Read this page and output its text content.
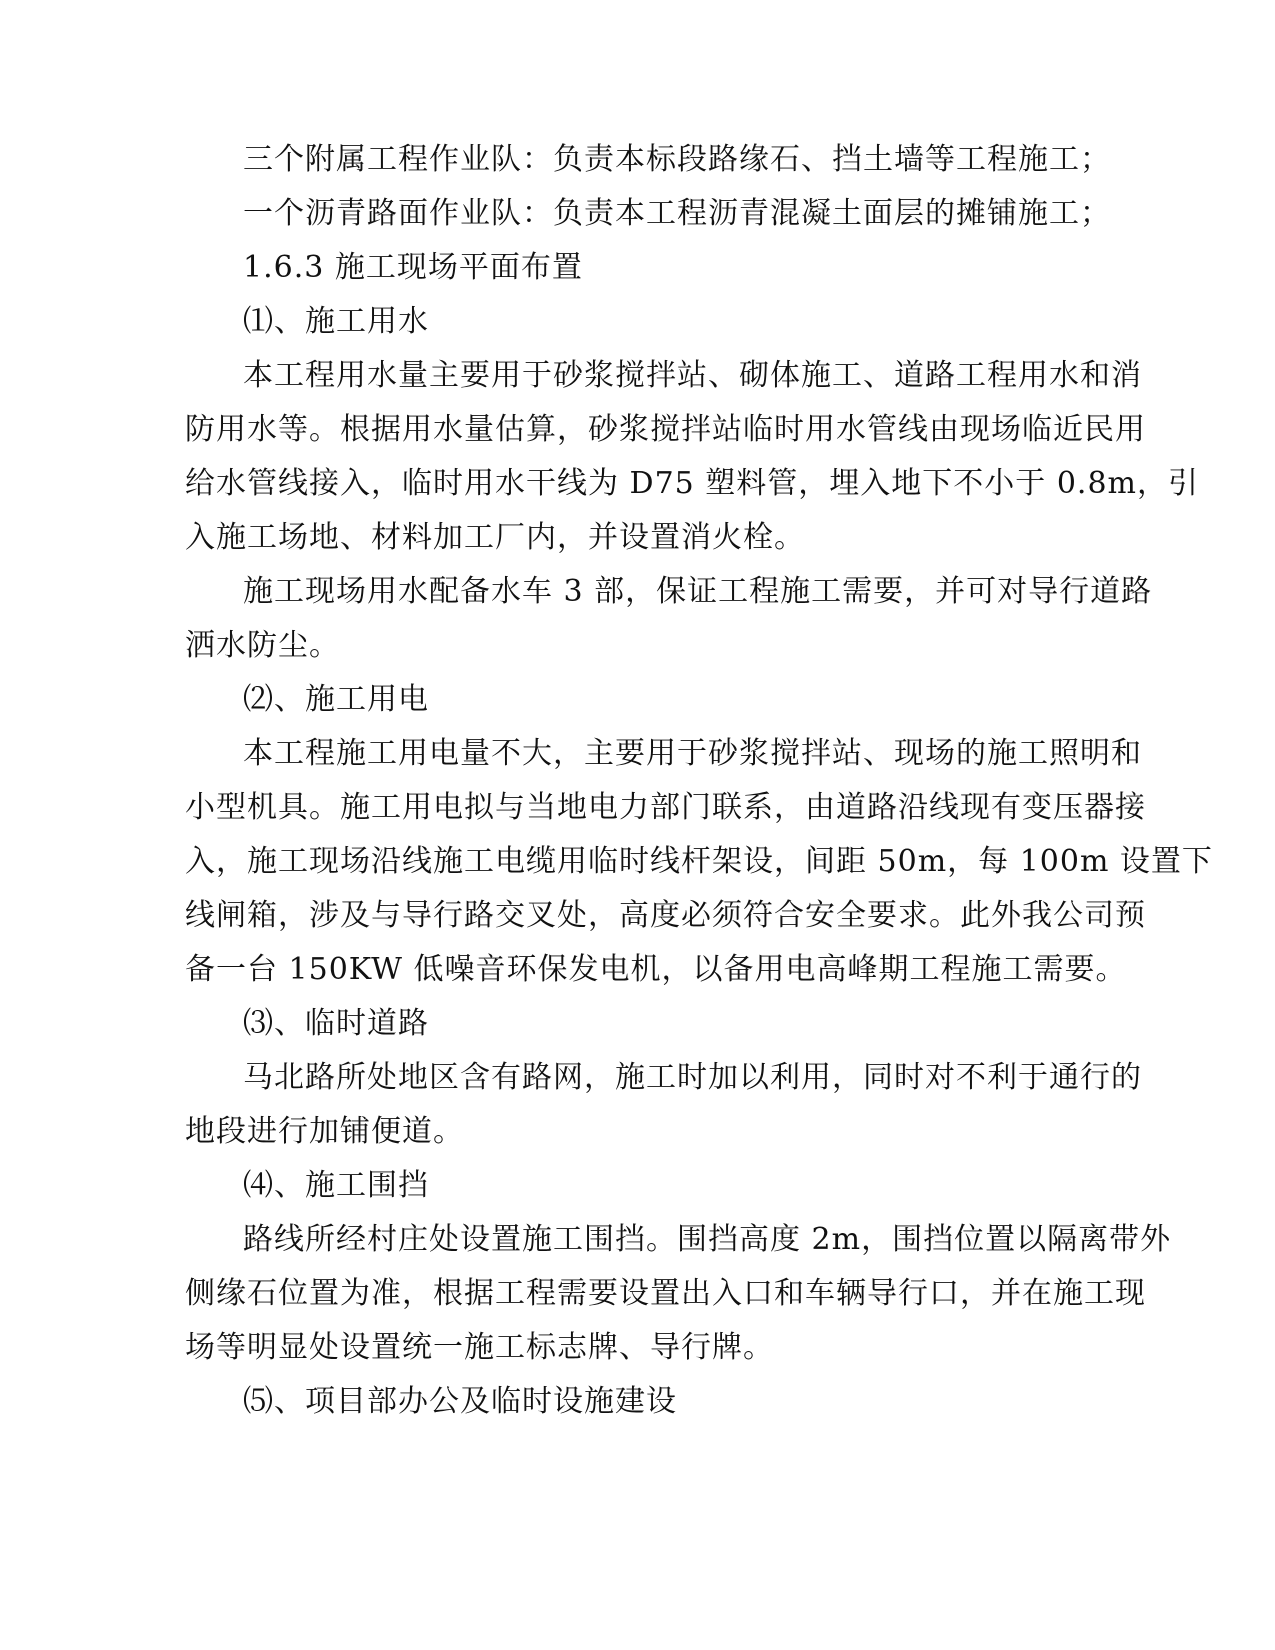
三个附属工程作业队：负责本标段路缘石、挡土墙等工程施工；
一个沥青路面作业队：负责本工程沥青混凝土面层的摊铺施工；
1.6.3 施工现场平面布置
⑴、施工用水
本工程用水量主要用于砂浆搅拌站、砌体施工、道路工程用水和消
防用水等。根据用水量估算，砂浆搅拌站临时用水管线由现场临近民用
给水管线接入，临时用水干线为 D75 塑料管，埋入地下不小于 0.8m，引
入施工场地、材料加工厂内，并设置消火栓。
施工现场用水配备水车 3 部，保证工程施工需要，并可对导行道路
洒水防尘。
⑵、施工用电
本工程施工用电量不大，主要用于砂浆搅拌站、现场的施工照明和
小型机具。施工用电拟与当地电力部门联系，由道路沿线现有变压器接
入，施工现场沿线施工电缆用临时线杆架设，间距 50m，每 100m 设置下
线闸箱，涉及与导行路交叉处，高度必须符合安全要求。此外我公司预
备一台 150KW 低噪音环保发电机，以备用电高峰期工程施工需要。
⑶、临时道路
马北路所处地区含有路网，施工时加以利用，同时对不利于通行的
地段进行加铺便道。
⑷、施工围挡
路线所经村庄处设置施工围挡。围挡高度 2m，围挡位置以隔离带外
侧缘石位置为准，根据工程需要设置出入口和车辆导行口，并在施工现
场等明显处设置统一施工标志牌、导行牌。
⑸、项目部办公及临时设施建设
